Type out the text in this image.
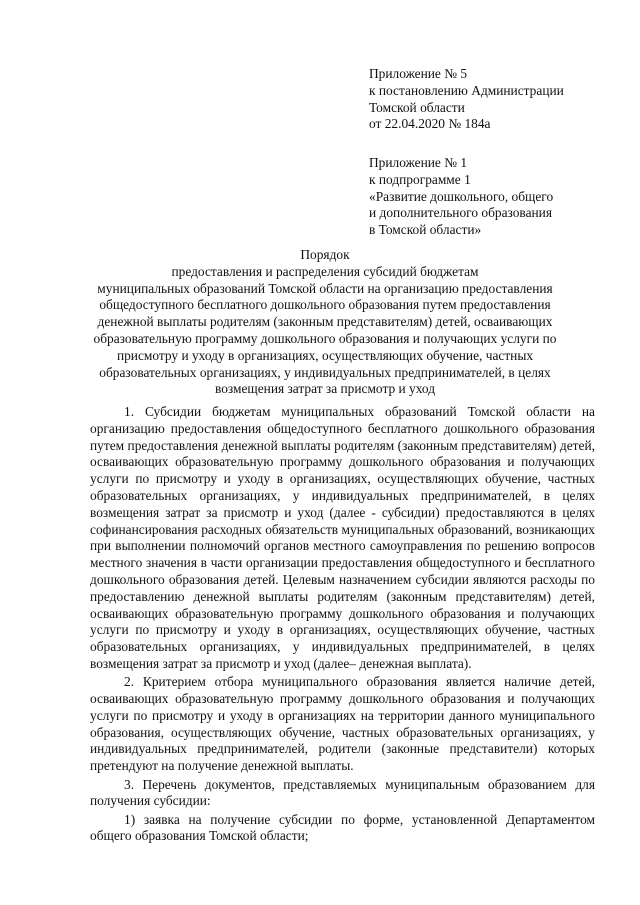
Приложение № 5
к постановлению Администрации
Томской области
от 22.04.2020 № 184а
Приложение № 1
к подпрограмме 1
«Развитие дошкольного, общего
и дополнительного образования
в Томской области»
Порядок
предоставления и распределения субсидий бюджетам
муниципальных образований Томской области на организацию предоставления
общедоступного бесплатного дошкольного образования путем предоставления
денежной выплаты родителям (законным представителям) детей, осваивающих
образовательную программу дошкольного образования и получающих услуги по
присмотру и уходу в организациях, осуществляющих обучение, частных
образовательных организациях, у индивидуальных предпринимателей, в целях
возмещения затрат за присмотр и уход

1. Субсидии бюджетам муниципальных образований Томской области на организацию предоставления общедоступного бесплатного дошкольного образования путем предоставления денежной выплаты родителям (законным представителям) детей, осваивающих образовательную программу дошкольного образования и получающих услуги по присмотру и уходу в организациях, осуществляющих обучение, частных образовательных организациях, у индивидуальных предпринимателей, в целях возмещения затрат за присмотр и уход (далее - субсидии) предоставляются в целях софинансирования расходных обязательств муниципальных образований, возникающих при выполнении полномочий органов местного самоуправления по решению вопросов местного значения в части организации предоставления общедоступного и бесплатного дошкольного образования детей. Целевым назначением субсидии являются расходы по предоставлению денежной выплаты родителям (законным представителям) детей, осваивающих образовательную программу дошкольного образования и получающих услуги по присмотру и уходу в организациях, осуществляющих обучение, частных образовательных организациях, у индивидуальных предпринимателей, в целях возмещения затрат за присмотр и уход (далее– денежная выплата).

2. Критерием отбора муниципального образования является наличие детей, осваивающих образовательную программу дошкольного образования и получающих услуги по присмотру и уходу в организациях на территории данного муниципального образования, осуществляющих обучение, частных образовательных организациях, у индивидуальных предпринимателей, родители (законные представители) которых претендуют на получение денежной выплаты.

3. Перечень документов, представляемых муниципальным образованием для получения субсидии:

1) заявка на получение субсидии по форме, установленной Департаментом общего образования Томской области;
